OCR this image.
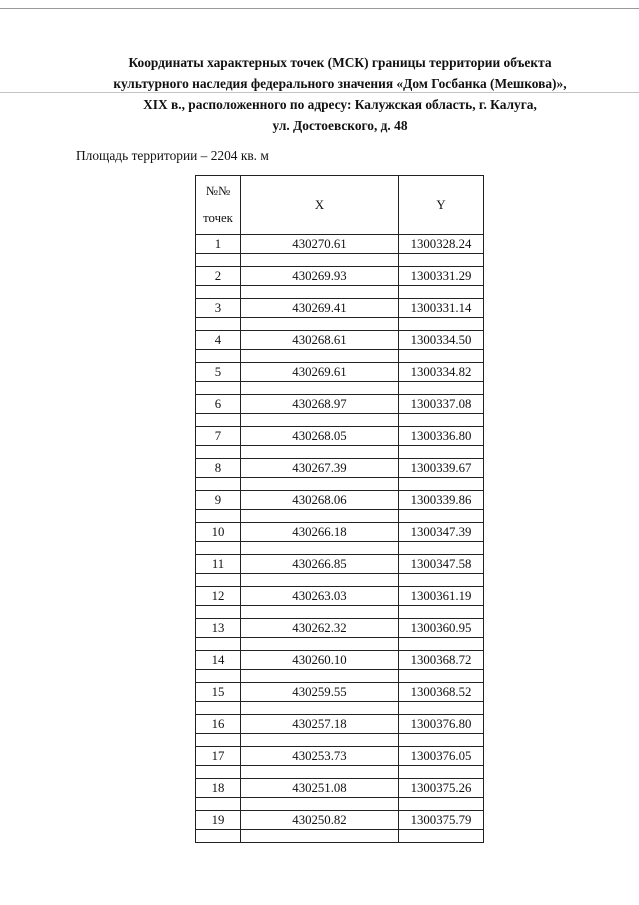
Координаты характерных точек (МСК) границы территории объекта
культурного наследия федерального значения «Дом Госбанка (Мешкова)»,
XIX в., расположенного по адресу: Калужская область, г. Калуга,
ул. Достоевского, д. 48
Площадь территории – 2204 кв. м
№№
точек	X	Y
1	430270.61	1300328.24

2	430269.93	1300331.29

3	430269.41	1300331.14

4	430268.61	1300334.50

5	430269.61	1300334.82

6	430268.97	1300337.08

7	430268.05	1300336.80

8	430267.39	1300339.67

9	430268.06	1300339.86

10	430266.18	1300347.39

11	430266.85	1300347.58

12	430263.03	1300361.19

13	430262.32	1300360.95

14	430260.10	1300368.72

15	430259.55	1300368.52

16	430257.18	1300376.80

17	430253.73	1300376.05

18	430251.08	1300375.26

19	430250.82	1300375.79
